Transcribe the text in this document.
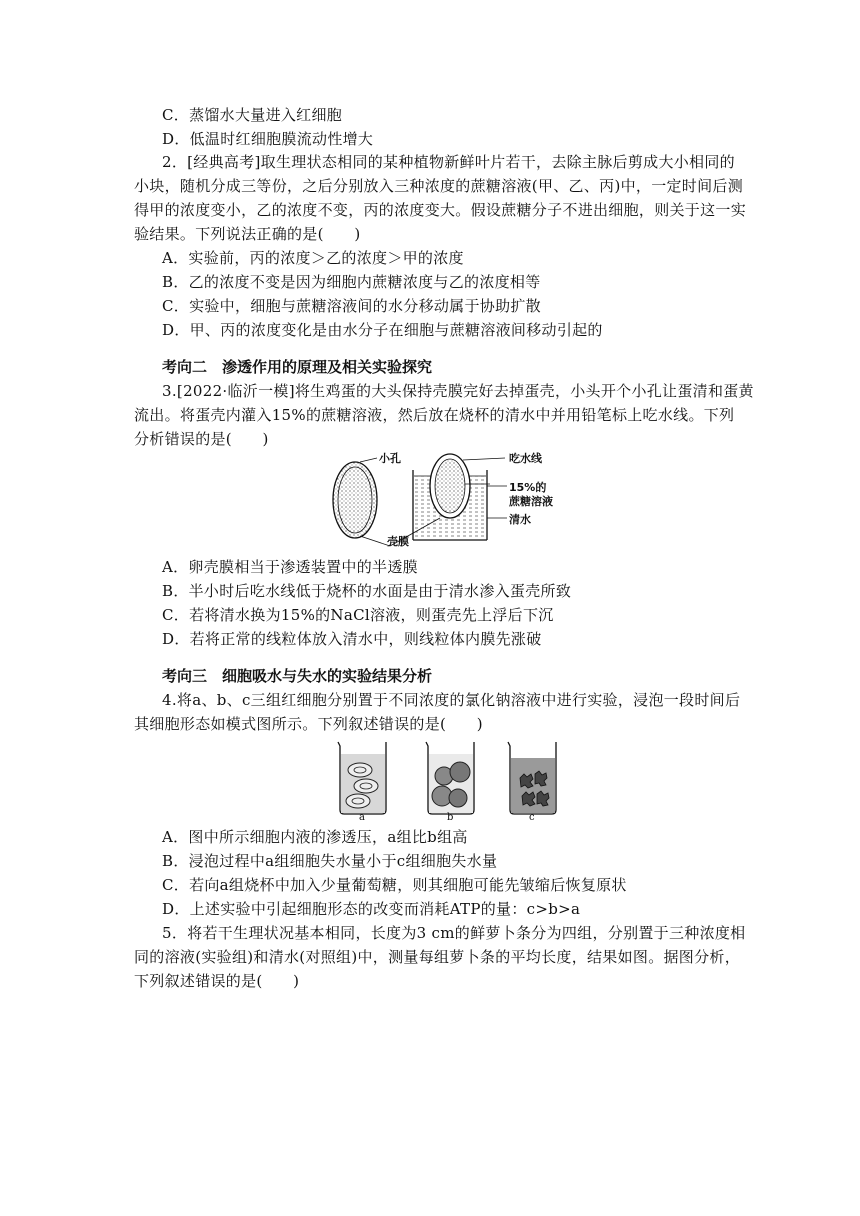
C．蒸馏水大量进入红细胞
D．低温时红细胞膜流动性增大
2．[经典高考]取生理状态相同的某种植物新鲜叶片若干，去除主脉后剪成大小相同的
小块，随机分成三等份，之后分别放入三种浓度的蔗糖溶液(甲、乙、丙)中，一定时间后测
得甲的浓度变小，乙的浓度不变，丙的浓度变大。假设蔗糖分子不进出细胞，则关于这一实
验结果。下列说法正确的是(　　)
A．实验前，丙的浓度＞乙的浓度＞甲的浓度
B．乙的浓度不变是因为细胞内蔗糖浓度与乙的浓度相等
C．实验中，细胞与蔗糖溶液间的水分移动属于协助扩散
D．甲、丙的浓度变化是由水分子在细胞与蔗糖溶液间移动引起的
考向二　渗透作用的原理及相关实验探究
3.[2022·临沂一模]将生鸡蛋的大头保持壳膜完好去掉蛋壳，小头开个小孔让蛋清和蛋黄
流出。将蛋壳内灌入15%的蔗糖溶液，然后放在烧杯的清水中并用铅笔标上吃水线。下列
分析错误的是(　　)
小孔	吃水线
15%的
蔗糖溶液
清水
壳膜
A．卵壳膜相当于渗透装置中的半透膜
B．半小时后吃水线低于烧杯的水面是由于清水渗入蛋壳所致
C．若将清水换为15%的NaCl溶液，则蛋壳先上浮后下沉
D．若将正常的线粒体放入清水中，则线粒体内膜先涨破
考向三　细胞吸水与失水的实验结果分析
4.将a、b、c三组红细胞分别置于不同浓度的氯化钠溶液中进行实验，浸泡一段时间后
其细胞形态如模式图所示。下列叙述错误的是(　　)
a	b	c
A．图中所示细胞内液的渗透压，a组比b组高
B．浸泡过程中a组细胞失水量小于c组细胞失水量
C．若向a组烧杯中加入少量葡萄糖，则其细胞可能先皱缩后恢复原状
D．上述实验中引起细胞形态的改变而消耗ATP的量：c>b>a
5．将若干生理状况基本相同，长度为3 cm的鲜萝卜条分为四组，分别置于三种浓度相
同的溶液(实验组)和清水(对照组)中，测量每组萝卜条的平均长度，结果如图。据图分析，
下列叙述错误的是(　　)
